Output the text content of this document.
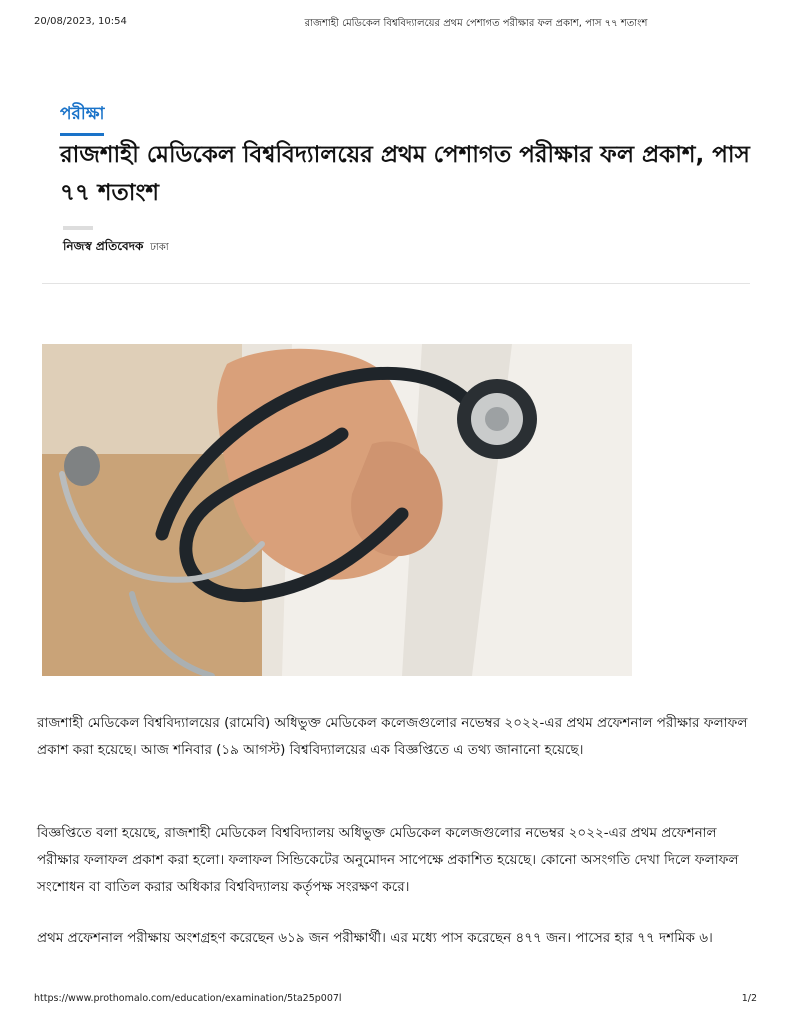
20/08/2023, 10:54	রাজশাহী মেডিকেল বিশ্ববিদ্যালয়ের প্রথম পেশাগত পরীক্ষার ফল প্রকাশ, পাস ৭৭ শতাংশ
পরীক্ষা
রাজশাহী মেডিকেল বিশ্ববিদ্যালয়ের প্রথম পেশাগত পরীক্ষার ফল প্রকাশ, পাস ৭৭ শতাংশ
নিজস্ব প্রতিবেদক ঢাকা

রাজশাহী মেডিকেল বিশ্ববিদ্যালয়ের (রামেবি) অধিভুক্ত মেডিকেল কলেজগুলোর নভেম্বর ২০২২-এর প্রথম প্রফেশনাল পরীক্ষার ফলাফল প্রকাশ করা হয়েছে। আজ শনিবার (১৯ আগস্ট) বিশ্ববিদ্যালয়ের এক বিজ্ঞপ্তিতে এ তথ্য জানানো হয়েছে।

বিজ্ঞপ্তিতে বলা হয়েছে, রাজশাহী মেডিকেল বিশ্ববিদ্যালয় অধিভুক্ত মেডিকেল কলেজগুলোর নভেম্বর ২০২২-এর প্রথম প্রফেশনাল পরীক্ষার ফলাফল প্রকাশ করা হলো। ফলাফল সিন্ডিকেটের অনুমোদন সাপেক্ষে প্রকাশিত হয়েছে। কোনো অসংগতি দেখা দিলে ফলাফল সংশোধন বা বাতিল করার অধিকার বিশ্ববিদ্যালয় কর্তৃপক্ষ সংরক্ষণ করে।

প্রথম প্রফেশনাল পরীক্ষায় অংশগ্রহণ করেছেন ৬১৯ জন পরীক্ষার্থী। এর মধ্যে পাস করেছেন ৪৭৭ জন। পাসের হার ৭৭ দশমিক ৬।

https://www.prothomalo.com/education/examination/5ta25p007l	1/2
